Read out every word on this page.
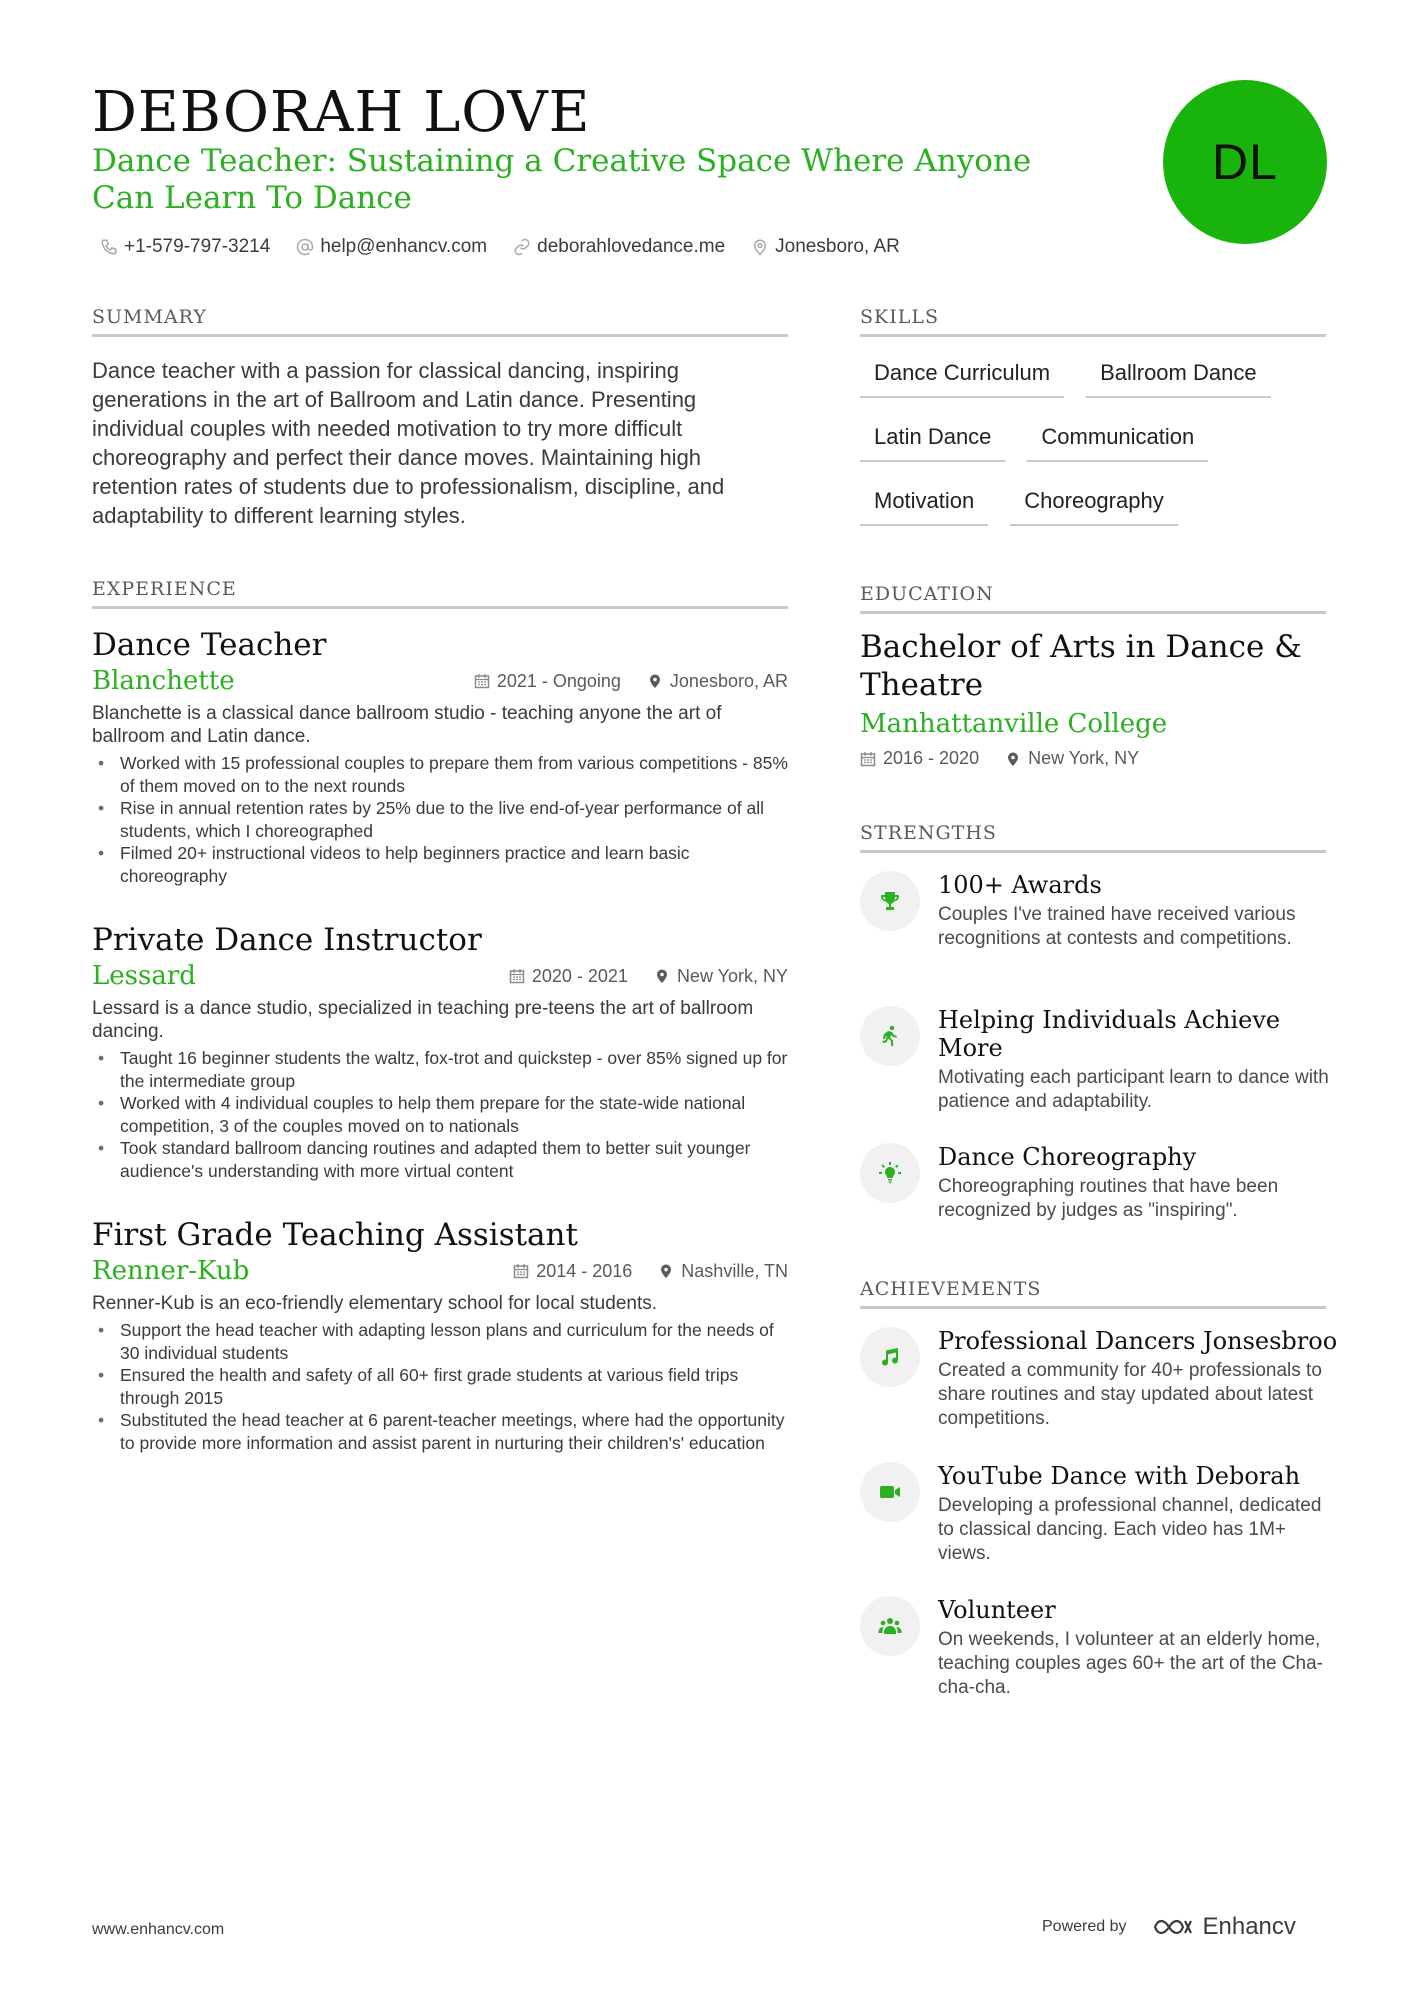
DEBORAH LOVE
Dance Teacher: Sustaining a Creative Space Where Anyone Can Learn To Dance
DL
+1-579-797-3214	help@enhancv.com	deborahlovedance.me	Jonesboro, AR
SUMMARY

Dance teacher with a passion for classical dancing, inspiring generations in the art of Ballroom and Latin dance. Presenting individual couples with needed motivation to try more difficult choreography and perfect their dance moves. Maintaining high retention rates of students due to professionalism, discipline, and adaptability to different learning styles.

EXPERIENCE
Dance Teacher
Blanchette	2021 - Ongoing	Jonesboro, AR

Blanchette is a classical dance ballroom studio - teaching anyone the art of ballroom and Latin dance.

• Worked with 15 professional couples to prepare them from various competitions - 85% of them moved on to the next rounds
• Rise in annual retention rates by 25% due to the live end-of-year performance of all students, which I choreographed
• Filmed 20+ instructional videos to help beginners practice and learn basic choreography
Private Dance Instructor
Lessard	2020 - 2021	New York, NY

Lessard is a dance studio, specialized in teaching pre-teens the art of ballroom dancing.

• Taught 16 beginner students the waltz, fox-trot and quickstep - over 85% signed up for the intermediate group
• Worked with 4 individual couples to help them prepare for the state-wide national competition, 3 of the couples moved on to nationals
• Took standard ballroom dancing routines and adapted them to better suit younger audience's understanding with more virtual content
First Grade Teaching Assistant
Renner-Kub	2014 - 2016	Nashville, TN

Renner-Kub is an eco-friendly elementary school for local students.

• Support the head teacher with adapting lesson plans and curriculum for the needs of 30 individual students
• Ensured the health and safety of all 60+ first grade students at various field trips through 2015
• Substituted the head teacher at 6 parent-teacher meetings, where had the opportunity to provide more information and assist parent in nurturing their children's' education
SKILLS
Dance Curriculum	Ballroom Dance
Latin Dance	Communication
Motivation	Choreography
EDUCATION
Bachelor of Arts in Dance & Theatre
Manhattanville College
2016 - 2020	New York, NY
STRENGTHS
100+ Awards
Couples I've trained have received various recognitions at contests and competitions.
Helping Individuals Achieve More
Motivating each participant learn to dance with patience and adaptability.
Dance Choreography
Choreographing routines that have been recognized by judges as "inspiring".
ACHIEVEMENTS
Professional Dancers Jonsesbroo
Created a community for 40+ professionals to share routines and stay updated about latest competitions.
YouTube Dance with Deborah
Developing a professional channel, dedicated to classical dancing. Each video has 1M+ views.
Volunteer
On weekends, I volunteer at an elderly home, teaching couples ages 60+ the art of the Cha-cha-cha.
www.enhancv.com	Powered by	Enhancv
